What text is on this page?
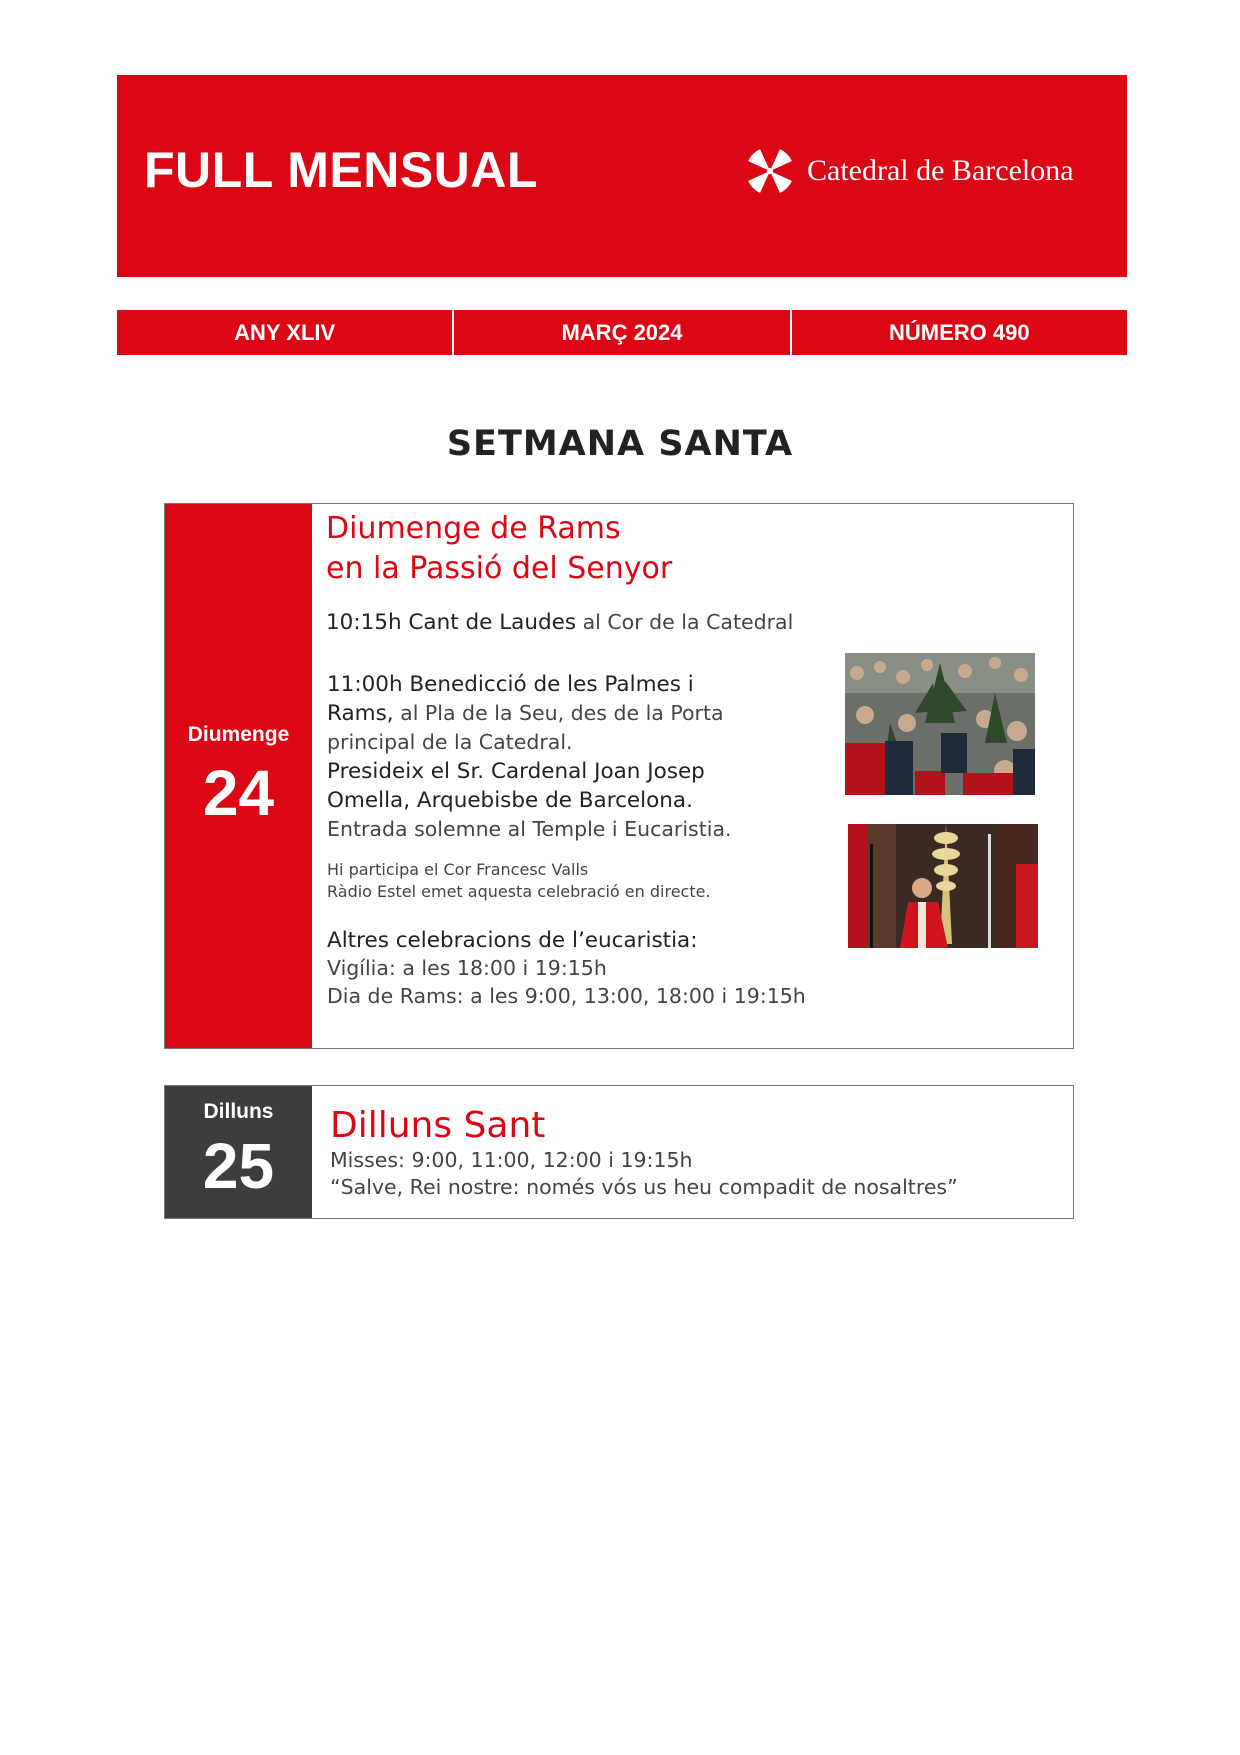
FULL MENSUAL	Catedral de Barcelona
ANY XLIV	MARÇ 2024	NÚMERO 490
SETMANA SANTA
Diumenge
24
Diumenge de Rams
en la Passió del Senyor
10:15h Cant de Laudes al Cor de la Catedral
11:00h Benedicció de les Palmes i
Rams, al Pla de la Seu, des de la Porta
principal de la Catedral.
Presideix el Sr. Cardenal Joan Josep
Omella, Arquebisbe de Barcelona.
Entrada solemne al Temple i Eucaristia.
Hi participa el Cor Francesc Valls
Ràdio Estel emet aquesta celebració en directe.
Altres celebracions de l’eucaristia:
Vigília: a les 18:00 i 19:15h
Dia de Rams: a les 9:00, 13:00, 18:00 i 19:15h
Dilluns
25
Dilluns Sant
Misses: 9:00, 11:00, 12:00 i 19:15h
“Salve, Rei nostre: només vós us heu compadit de nosaltres”
